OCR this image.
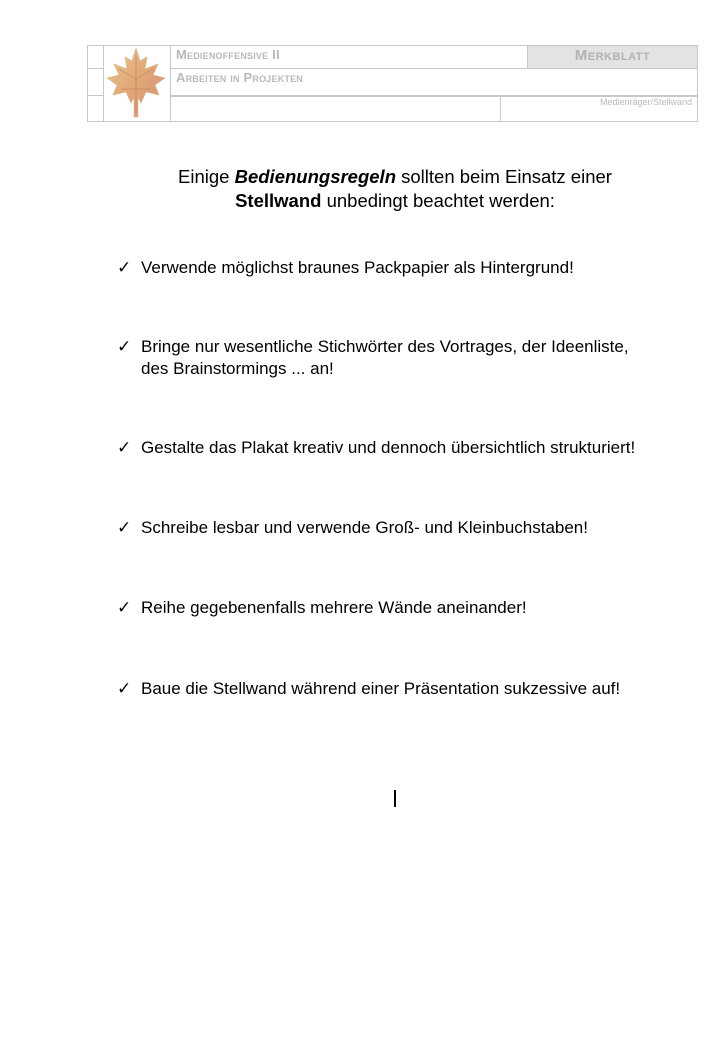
Medienoffensive II
Arbeiten in Projekten
Merkblatt
Medienräger/Stellwand
Einige Bedienungsregeln sollten beim Einsatz einer
Stellwand unbedingt beachtet werden:
✓ Verwende möglichst braunes Packpapier als Hintergrund!
✓ Bringe nur wesentliche Stichwörter des Vortrages, der Ideenliste,
des Brainstormings ... an!
✓ Gestalte das Plakat kreativ und dennoch übersichtlich strukturiert!
✓ Schreibe lesbar und verwende Groß- und Kleinbuchstaben!
✓ Reihe gegebenenfalls mehrere Wände aneinander!
✓ Baue die Stellwand während einer Präsentation sukzessive auf!
